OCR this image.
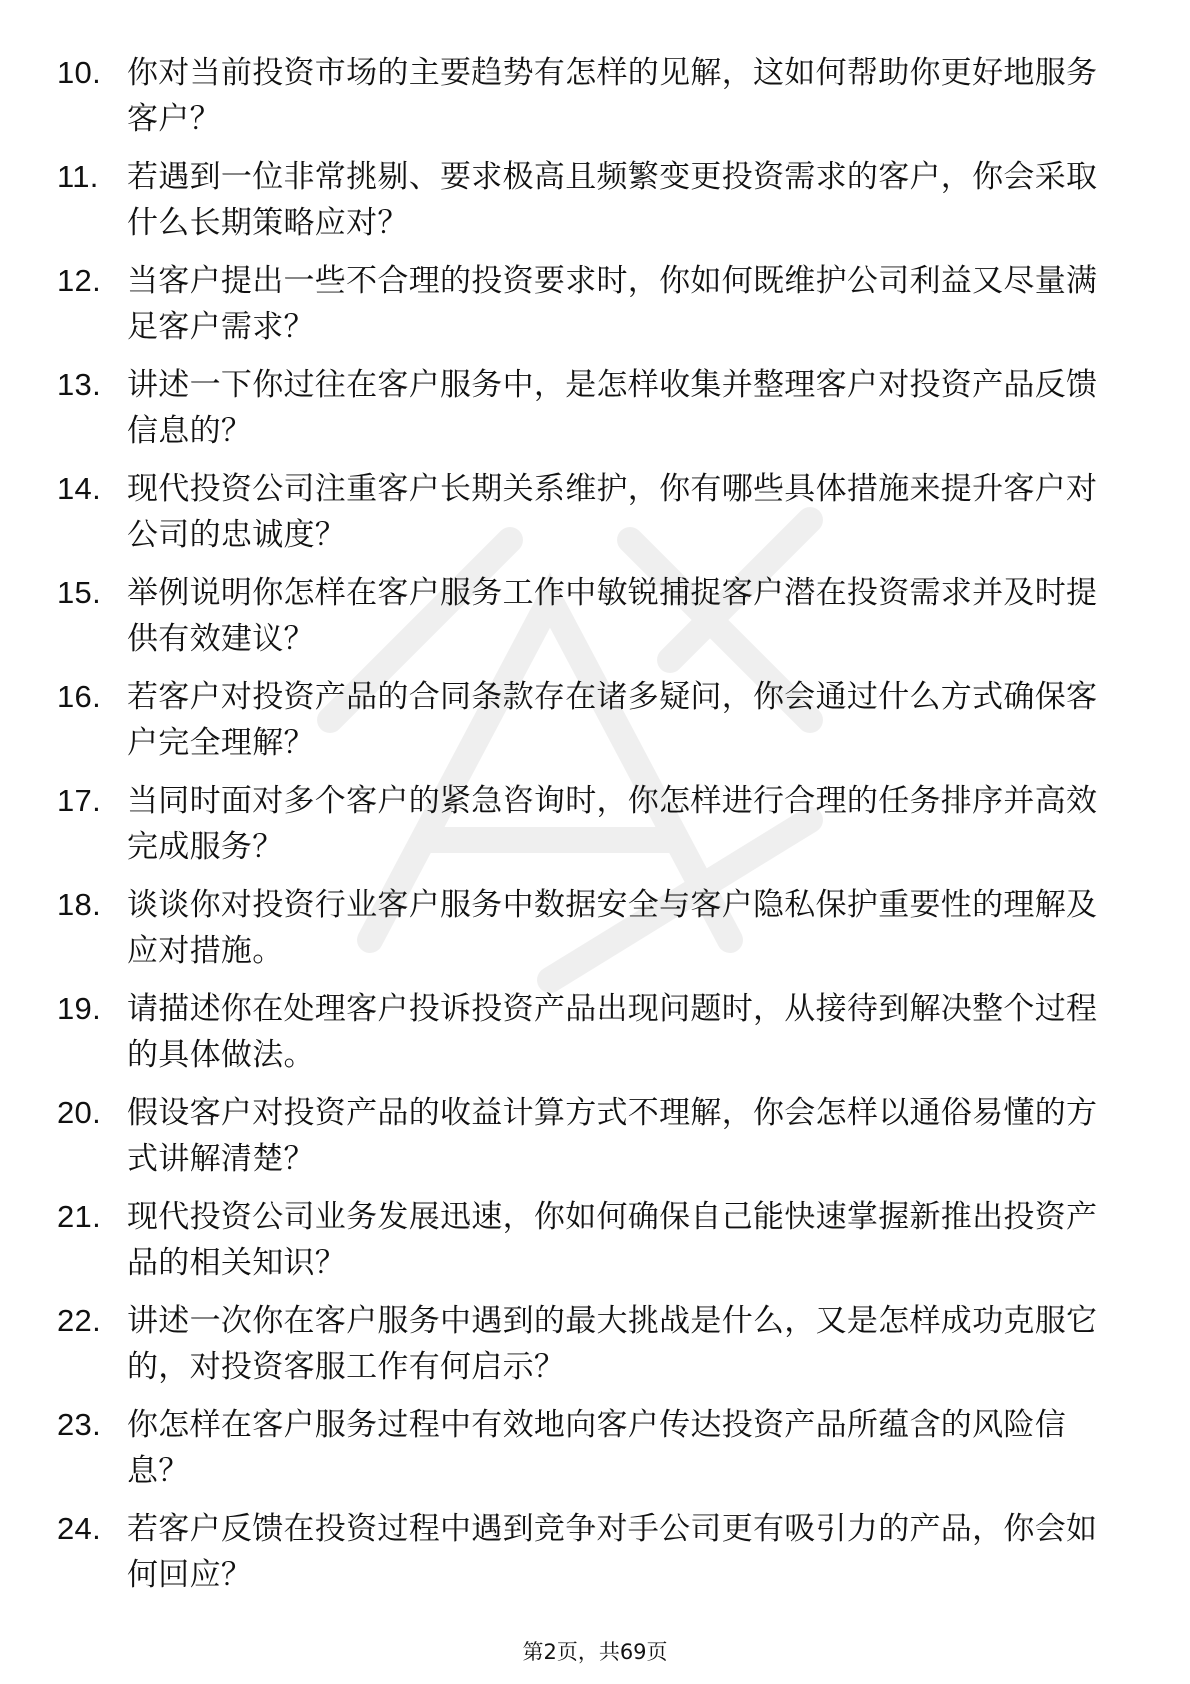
10. 你对当前投资市场的主要趋势有怎样的见解，这如何帮助你更好地服务客户？
11. 若遇到一位非常挑剔、要求极高且频繁变更投资需求的客户，你会采取什么长期策略应对？
12. 当客户提出一些不合理的投资要求时，你如何既维护公司利益又尽量满足客户需求？
13. 讲述一下你过往在客户服务中，是怎样收集并整理客户对投资产品反馈信息的？
14. 现代投资公司注重客户长期关系维护，你有哪些具体措施来提升客户对公司的忠诚度？
15. 举例说明你怎样在客户服务工作中敏锐捕捉客户潜在投资需求并及时提供有效建议？
16. 若客户对投资产品的合同条款存在诸多疑问，你会通过什么方式确保客户完全理解？
17. 当同时面对多个客户的紧急咨询时，你怎样进行合理的任务排序并高效完成服务？
18. 谈谈你对投资行业客户服务中数据安全与客户隐私保护重要性的理解及应对措施。
19. 请描述你在处理客户投诉投资产品出现问题时，从接待到解决整个过程的具体做法。
20. 假设客户对投资产品的收益计算方式不理解，你会怎样以通俗易懂的方式讲解清楚？
21. 现代投资公司业务发展迅速，你如何确保自己能快速掌握新推出投资产品的相关知识？
22. 讲述一次你在客户服务中遇到的最大挑战是什么，又是怎样成功克服它的，对投资客服工作有何启示？
23. 你怎样在客户服务过程中有效地向客户传达投资产品所蕴含的风险信息？
24. 若客户反馈在投资过程中遇到竞争对手公司更有吸引力的产品，你会如何回应？
第2页，共69页
